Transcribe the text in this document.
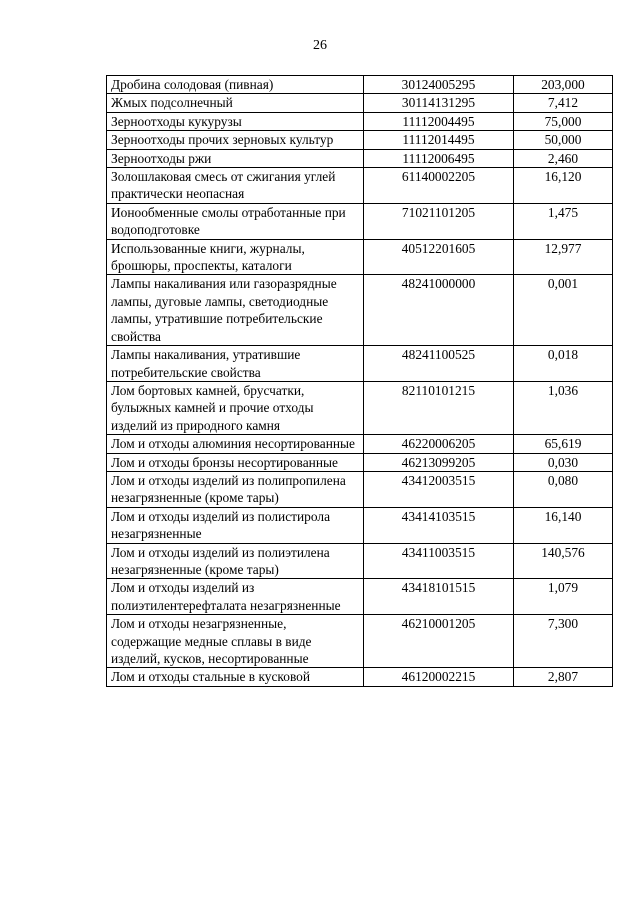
26
Дробина солодовая (пивная)	30124005295	203,000
Жмых подсолнечный	30114131295	7,412
Зерноотходы кукурузы	11112004495	75,000
Зерноотходы прочих зерновых культур	11112014495	50,000
Зерноотходы ржи	11112006495	2,460
Золошлаковая смесь от сжигания углей практически неопасная	61140002205	16,120
Ионообменные смолы отработанные при водоподготовке	71021101205	1,475
Использованные книги, журналы, брошюры, проспекты, каталоги	40512201605	12,977
Лампы накаливания или газоразрядные лампы, дуговые лампы, светодиодные лампы, утратившие потребительские свойства	48241000000	0,001
Лампы накаливания, утратившие потребительские свойства	48241100525	0,018
Лом бортовых камней, брусчатки, булыжных камней и прочие отходы изделий из природного камня	82110101215	1,036
Лом и отходы алюминия несортированные	46220006205	65,619
Лом и отходы бронзы несортированные	46213099205	0,030
Лом и отходы изделий из полипропилена незагрязненные (кроме тары)	43412003515	0,080
Лом и отходы изделий из полистирола незагрязненные	43414103515	16,140
Лом и отходы изделий из полиэтилена незагрязненные (кроме тары)	43411003515	140,576
Лом и отходы изделий из полиэтилентерефталата незагрязненные	43418101515	1,079
Лом и отходы незагрязненные, содержащие медные сплавы в виде изделий, кусков, несортированные	46210001205	7,300
Лом и отходы стальные в кусковой	46120002215	2,807
